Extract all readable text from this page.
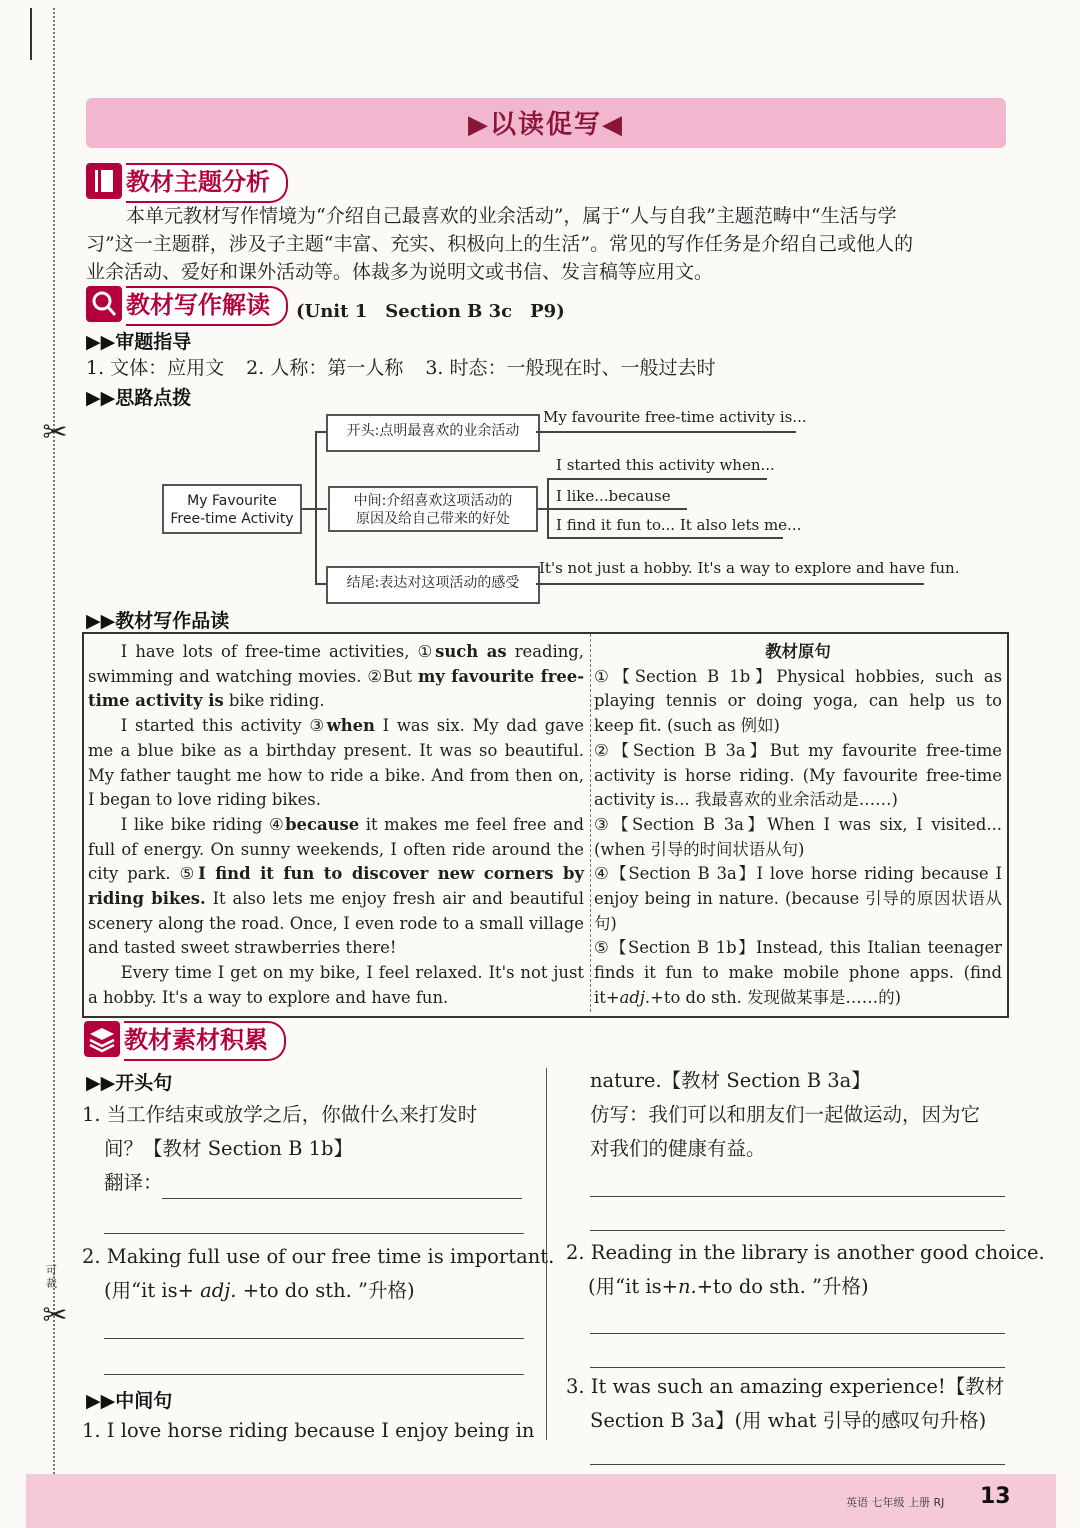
✂
可裁
✂
▶以读促写◀
教材主题分析
本单元教材写作情境为“介绍自己最喜欢的业余活动”，属于“人与自我”主题范畴中“生活与学
习”这一主题群，涉及子主题“丰富、充实、积极向上的生活”。常见的写作任务是介绍自己或他人的
业余活动、爱好和课外活动等。体裁多为说明文或书信、发言稿等应用文。
教材写作解读	(Unit 1　Section B 3c　P9)
▶▶审题指导
1. 文体：应用文 2. 人称：第一人称 3. 时态：一般现在时、一般过去时
▶▶思路点拨
My Favourite
Free-time Activity
开头:点明最喜欢的业余活动
中间:介绍喜欢这项活动的
原因及给自己带来的好处
结尾:表达对这项活动的感受
My favourite free-time activity is...
I started this activity when...
I like...because
I find it fun to... It also lets me...
It's not just a hobby. It's a way to explore and have fun.
▶▶教材写作品读

I have lots of free-time activities, ①such as reading, swimming and watching movies. ②But my favourite free-time activity is bike riding.

I started this activity ③when I was six. My dad gave me a blue bike as a birthday present. It was so beautiful. My father taught me how to ride a bike. And from then on, I began to love riding bikes.

I like bike riding ④because it makes me feel free and full of energy. On sunny weekends, I often ride around the city park. ⑤I find it fun to discover new corners by riding bikes. It also lets me enjoy fresh air and beautiful scenery along the road. Once, I even rode to a small village and tasted sweet strawberries there!

Every time I get on my bike, I feel relaxed. It's not just a hobby. It's a way to explore and have fun.

教材原句

①【Section B 1b】Physical hobbies, such as playing tennis or doing yoga, can help us to keep fit. (such as 例如)

②【Section B 3a】But my favourite free-time activity is horse riding. (My favourite free-time activity is... 我最喜欢的业余活动是……)

③【Section B 3a】When I was six, I visited... (when 引导的时间状语从句)

④【Section B 3a】I love horse riding because I enjoy being in nature. (because 引导的原因状语从句)

⑤【Section B 1b】Instead, this Italian teenager finds it fun to make mobile phone apps. (find it+adj.+to do sth. 发现做某事是……的)

教材素材积累
▶▶开头句
1. 当工作结束或放学之后，你做什么来打发时
间？【教材 Section B 1b】
翻译：
2. Making full use of our free time is important.
(用“it is+ adj. +to do sth. ”升格)
▶▶中间句
1. I love horse riding because I enjoy being in
nature.【教材 Section B 3a】
仿写：我们可以和朋友们一起做运动，因为它
对我们的健康有益。
2. Reading in the library is another good choice.
(用“it is+n.+to do sth. ”升格)
3. It was such an amazing experience!【教材
Section B 3a】(用 what 引导的感叹句升格)
英语 七年级 上册 RJ 13
